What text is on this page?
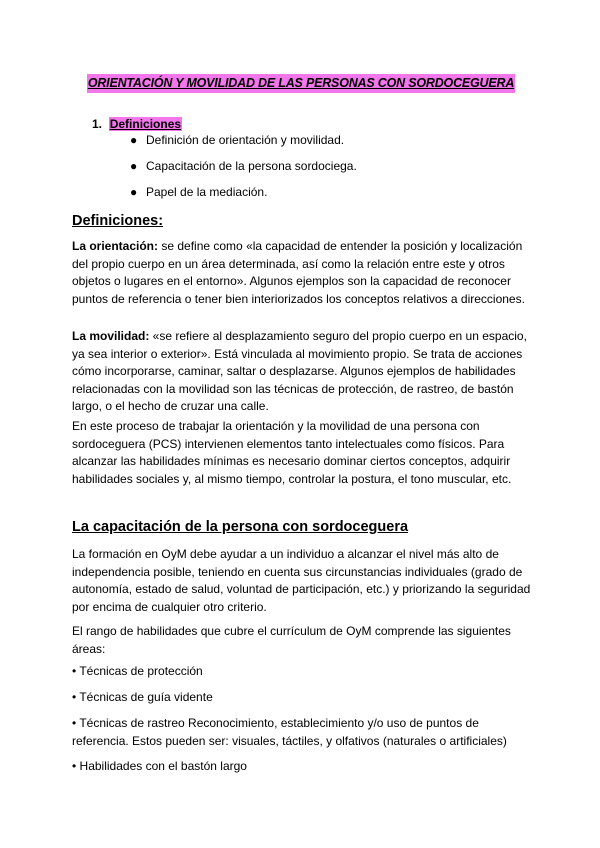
ORIENTACIÓN Y MOVILIDAD DE LAS PERSONAS CON SORDOCEGUERA
1. Definiciones
● Definición de orientación y movilidad.
● Capacitación de la persona sordociega.
● Papel de la mediación.
Definiciones:
La orientación: se define como «la capacidad de entender la posición y localización del propio cuerpo en un área determinada, así como la relación entre este y otros objetos o lugares en el entorno». Algunos ejemplos son la capacidad de reconocer puntos de referencia o tener bien interiorizados los conceptos relativos a direcciones.
La movilidad: «se refiere al desplazamiento seguro del propio cuerpo en un espacio, ya sea interior o exterior». Está vinculada al movimiento propio. Se trata de acciones cómo incorporarse, caminar, saltar o desplazarse. Algunos ejemplos de habilidades relacionadas con la movilidad son las técnicas de protección, de rastreo, de bastón largo, o el hecho de cruzar una calle.
En este proceso de trabajar la orientación y la movilidad de una persona con sordoceguera (PCS) intervienen elementos tanto intelectuales como físicos. Para alcanzar las habilidades mínimas es necesario dominar ciertos conceptos, adquirir habilidades sociales y, al mismo tiempo, controlar la postura, el tono muscular, etc.
La capacitación de la persona con sordoceguera
La formación en OyM debe ayudar a un individuo a alcanzar el nivel más alto de independencia posible, teniendo en cuenta sus circunstancias individuales (grado de autonomía, estado de salud, voluntad de participación, etc.) y priorizando la seguridad por encima de cualquier otro criterio.
El rango de habilidades que cubre el currículum de OyM comprende las siguientes áreas:
• Técnicas de protección
• Técnicas de guía vidente
• Técnicas de rastreo Reconocimiento, establecimiento y/o uso de puntos de referencia. Estos pueden ser: visuales, táctiles, y olfativos (naturales o artificiales)
• Habilidades con el bastón largo
